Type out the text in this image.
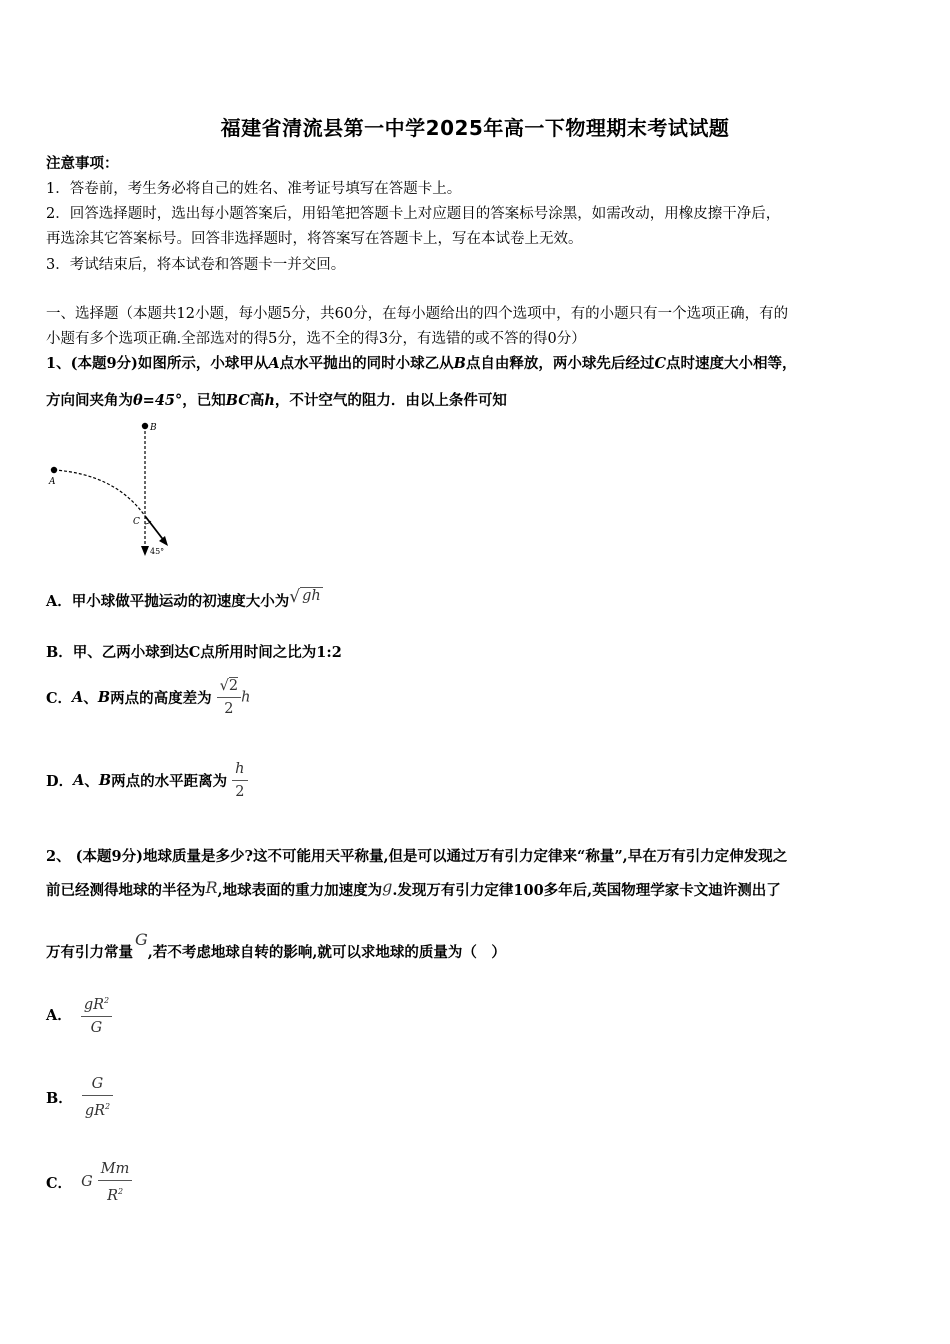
福建省清流县第一中学2025年高一下物理期末考试试题
注意事项：
1．答卷前，考生务必将自己的姓名、准考证号填写在答题卡上。
2．回答选择题时，选出每小题答案后，用铅笔把答题卡上对应题目的答案标号涂黑，如需改动，用橡皮擦干净后，
再选涂其它答案标号。回答非选择题时，将答案写在答题卡上，写在本试卷上无效。
3．考试结束后，将本试卷和答题卡一并交回。
一、选择题（本题共12小题，每小题5分，共60分，在每小题给出的四个选项中，有的小题只有一个选项正确，有的
小题有多个选项正确.全部选对的得5分，选不全的得3分，有选错的或不答的得0分）
1、(本题9分)如图所示，小球甲从A点水平抛出的同时小球乙从B点自由释放，两小球先后经过C点时速度大小相等，
方向间夹角为θ=45°，已知BC高h，不计空气的阻力．由以上条件可知
B
A
C
45°
A．甲小球做平抛运动的初速度大小为√ gh
B．甲、乙两小球到达C点所用时间之比为1:2
C．A、B两点的高度差为 $\frac{√2}{2}$ h
D．A、B两点的水平距离为 $\frac{h}{2}$
2、 (本题9分)地球质量是多少?这不可能用天平称量,但是可以通过万有引力定律来“称量”,早在万有引力定伸发现之
前已经测得地球的半径为R,地球表面的重力加速度为g.发现万有引力定律100多年后,英国物理学家卡文迪许测出了
万有引力常量G,若不考虑地球自转的影响,就可以求地球的质量为（　）
A． $\frac{gR^2}{G}$
B． $\frac{G}{gR^2}$
C． G $\frac{Mm}{R^2}$
